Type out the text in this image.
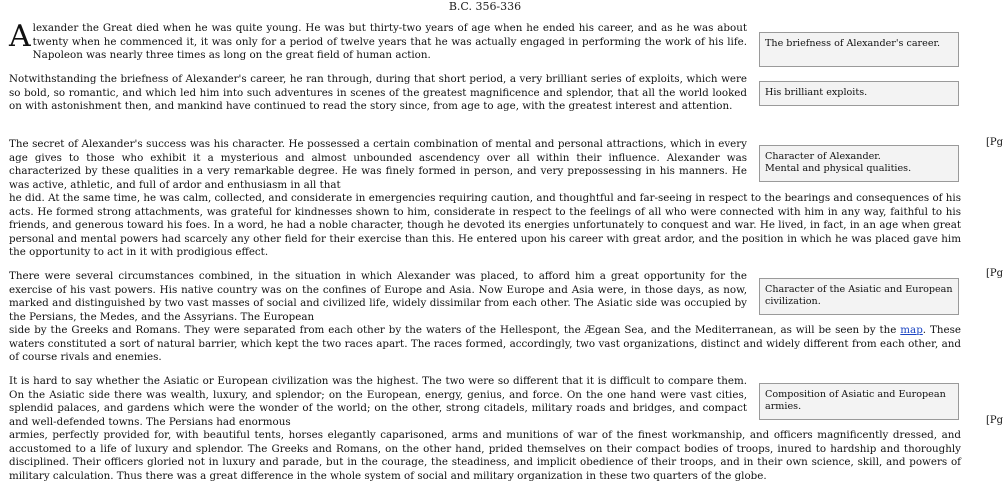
B.C. 356-336

Alexander the Great died when he was quite young. He was but thirty-two years of age when he ended his career, and as he was about twenty when he commenced it, it was only for a period of twelve years that he was actually engaged in performing the work of his life. Napoleon was nearly three times as long on the great field of human action.

Notwithstanding the briefness of Alexander's career, he ran through, during that short period, a very brilliant series of exploits, which were so bold, so romantic, and which led him into such adventures in scenes of the greatest magnificence and splendor, that all the world looked on with astonishment then, and mankind have continued to read the story since, from age to age, with the greatest interest and attention.

The secret of Alexander's success was his character. He possessed a certain combination of mental and personal attractions, which in every age gives to those who exhibit it a mysterious and almost unbounded ascendency over all within their influence. Alexander was characterized by these qualities in a very remarkable degree. He was finely formed in person, and very prepossessing in his manners. He was active, athletic, and full of ardor and enthusiasm in all that

he did. At the same time, he was calm, collected, and considerate in emergencies requiring caution, and thoughtful and far-seeing in respect to the bearings and consequences of his acts. He formed strong attachments, was grateful for kindnesses shown to him, considerate in respect to the feelings of all who were connected with him in any way, faithful to his friends, and generous toward his foes. In a word, he had a noble character, though he devoted its energies unfortunately to conquest and war. He lived, in fact, in an age when great personal and mental powers had scarcely any other field for their exercise than this. He entered upon his career with great ardor, and the position in which he was placed gave him the opportunity to act in it with prodigious effect.

There were several circumstances combined, in the situation in which Alexander was placed, to afford him a great opportunity for the exercise of his vast powers. His native country was on the confines of Europe and Asia. Now Europe and Asia were, in those days, as now, marked and distinguished by two vast masses of social and civilized life, widely dissimilar from each other. The Asiatic side was occupied by the Persians, the Medes, and the Assyrians. The European

side by the Greeks and Romans. They were separated from each other by the waters of the Hellespont, the Ægean Sea, and the Mediterranean, as will be seen by the map. These waters constituted a sort of natural barrier, which kept the two races apart. The races formed, accordingly, two vast organizations, distinct and widely different from each other, and of course rivals and enemies.

It is hard to say whether the Asiatic or European civilization was the highest. The two were so different that it is difficult to compare them. On the Asiatic side there was wealth, luxury, and splendor; on the European, energy, genius, and force. On the one hand were vast cities, splendid palaces, and gardens which were the wonder of the world; on the other, strong citadels, military roads and bridges, and compact and well-defended towns. The Persians had enormous

armies, perfectly provided for, with beautiful tents, horses elegantly caparisoned, arms and munitions of war of the finest workmanship, and officers magnificently dressed, and accustomed to a life of luxury and splendor. The Greeks and Romans, on the other hand, prided themselves on their compact bodies of troops, inured to hardship and thoroughly disciplined. Their officers gloried not in luxury and parade, but in the courage, the steadiness, and implicit obedience of their troops, and in their own science, skill, and powers of military calculation. Thus there was a great difference in the whole system of social and military organization in these two quarters of the globe.

The briefness of Alexander's career.
His brilliant exploits.
Character of Alexander.
Mental and physical qualities.
Character of the Asiatic and European civilization.
Composition of Asiatic and European armies.
[Pg
[Pg
[Pg
